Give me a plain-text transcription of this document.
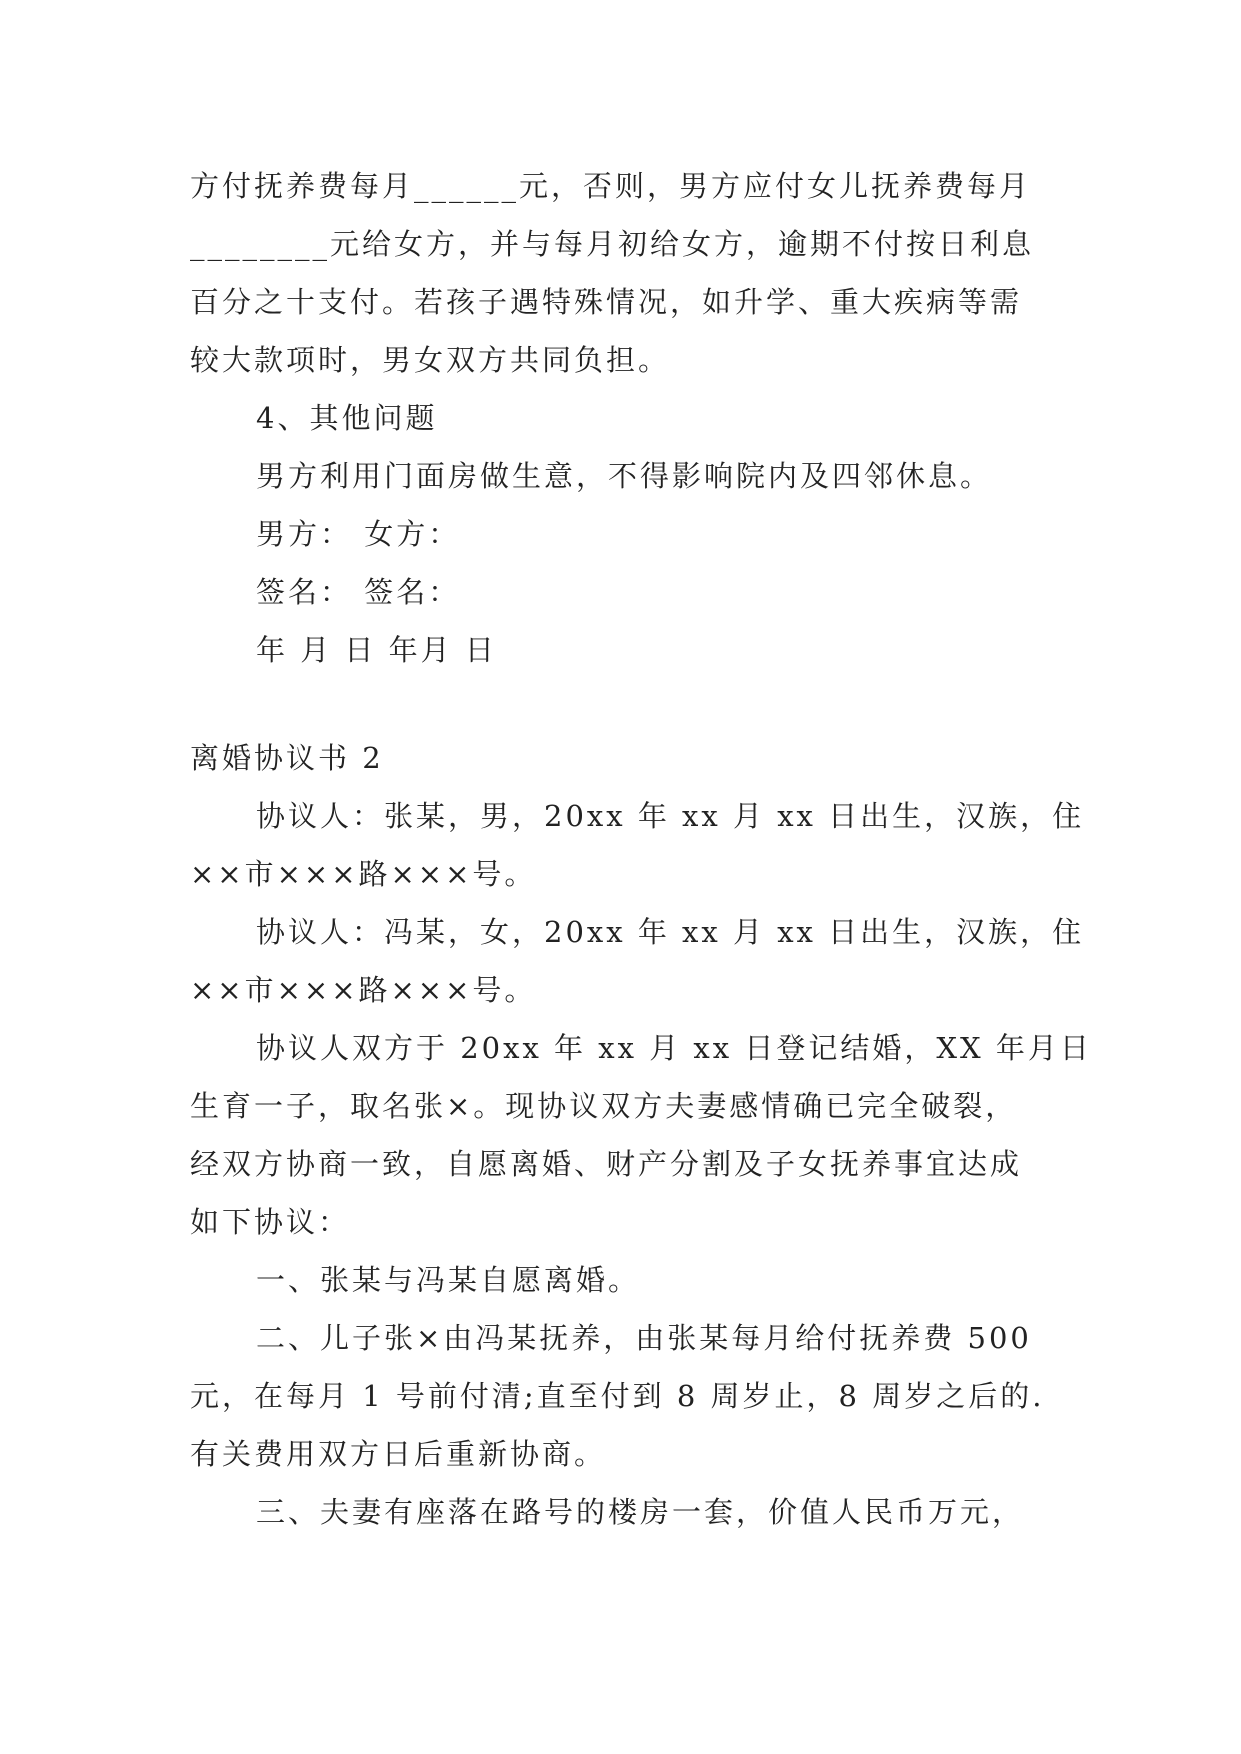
方付抚养费每月______元，否则，男方应付女儿抚养费每月
________元给女方，并与每月初给女方，逾期不付按日利息
百分之十支付。若孩子遇特殊情况，如升学、重大疾病等需
较大款项时，男女双方共同负担。
4、其他问题
男方利用门面房做生意，不得影响院内及四邻休息。
男方： 女方：
签名： 签名：
年 月 日 年月 日
离婚协议书 2
协议人：张某，男，20xx 年 xx 月 xx 日出生，汉族，住
××市×××路×××号。
协议人：冯某，女，20xx 年 xx 月 xx 日出生，汉族，住
××市×××路×××号。
协议人双方于 20xx 年 xx 月 xx 日登记结婚，XX 年月日
生育一子，取名张×。现协议双方夫妻感情确已完全破裂，
经双方协商一致，自愿离婚、财产分割及子女抚养事宜达成
如下协议：
一、张某与冯某自愿离婚。
二、儿子张×由冯某抚养，由张某每月给付抚养费 500
元，在每月 1 号前付清;直至付到 8 周岁止，8 周岁之后的.
有关费用双方日后重新协商。
三、夫妻有座落在路号的楼房一套，价值人民币万元，
